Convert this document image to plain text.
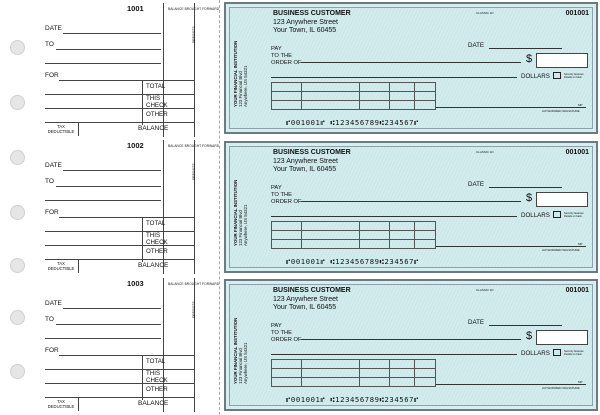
1001	BALANCE BROUGHT FORWARD
DATE
TO
DEPOSITS
FOR
TOTAL
THIS CHECK
OTHER
TAX DEDUCTIBLE	BALANCE
1002	BALANCE BROUGHT FORWARD
DATE
TO
DEPOSITS
FOR
TOTAL
THIS CHECK
OTHER
TAX DEDUCTIBLE	BALANCE
1003	BALANCE BROUGHT FORWARD
DATE
TO
DEPOSITS
FOR
TOTAL
THIS CHECK
OTHER
TAX DEDUCTIBLE	BALANCE
YOUR FINANCIAL INSTITUTION
123 Financial Blvd
Anywhere, US 54321
BUSINESS CUSTOMER
123 Anywhere Street
Your Town, IL 60455
CLASSIC 1D	001001
DATE
PAY
TO THE
ORDER OF	$
DOLLARS	Security features. Details on back.
MP
AUTHORIZED SIGNATURE
⑈001001⑈ ⑆123456789⑆234567⑈
YOUR FINANCIAL INSTITUTION
123 Financial Blvd
Anywhere, US 54321
BUSINESS CUSTOMER
123 Anywhere Street
Your Town, IL 60455
CLASSIC 1D	001001
DATE
PAY
TO THE
ORDER OF	$
DOLLARS	Security features. Details on back.
MP
AUTHORIZED SIGNATURE
⑈001001⑈ ⑆123456789⑆234567⑈
YOUR FINANCIAL INSTITUTION
123 Financial Blvd
Anywhere, US 54321
BUSINESS CUSTOMER
123 Anywhere Street
Your Town, IL 60455
CLASSIC 1D	001001
DATE
PAY
TO THE
ORDER OF	$
DOLLARS	Security features. Details on back.
MP
AUTHORIZED SIGNATURE
⑈001001⑈ ⑆123456789⑆234567⑈
